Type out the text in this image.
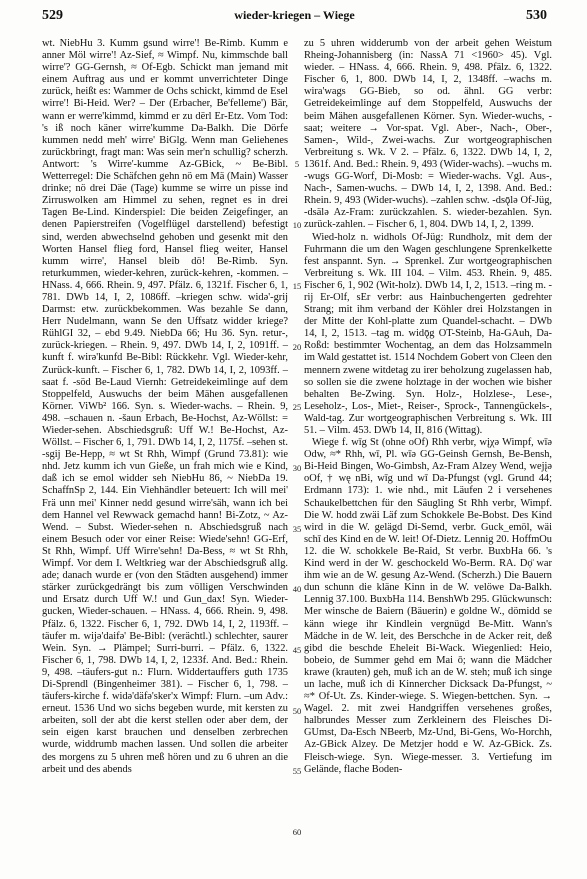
529	wieder-kriegen – Wiege	530

wt. NiebHu 3. Kumm gsund wirre'! Be-Rimb. Kumm e anner Möl wirre'! Az-Sief, ≈ Wimpf. Nu, kimmschde ball wirre'? GG-Gernsh, ≈ Of-Egb. Schickt man jemand mit einem Auftrag aus und er kommt unverrichteter Dinge zurück, heißt es: Wammer de Ochs schickt, kimmd de Esel wirre'! Bi-Heid. Wer? – Der (Erbacher, Be'felleme') Bär, wann er werre'kimmd, kimmd er zu dërl Er-Etz. Vom Tod: 's iß noch käner wirre'kumme Da-Balkh. Die Dörfe kummen nedd meh' wirre' BiGlg. Wenn man Geliehenes zurückbringt, fragt man: Was sein mer'n schullig? scherzh. Antwort: 's Wirre'-kumme Az-GBick, ~ Be-Bibl. Wetterregel: Die Schäfchen gehn nö em Mä (Main) Wasser drinke; nö drei Däe (Tage) kumme se wirre un pisse ind Zirruswolken am Himmel zu sehen, regnet es in drei Tagen Be-Lind. Kinderspiel: Die beiden Zeigefinger, an denen Papierstreifen (Vogelflügel darstellend) befestigt sind, werden abwechselnd gehoben und gesenkt mit den Worten Hansel flieg ford, Hansel flieg weiter, Hansel kumm wirre', Hansel bleib dö! Be-Rimb. Syn. returkummen, wieder-kehren, zurück-kehren, -kommen. – HNass. 4, 666. Rhein. 9, 497. Pfälz. 6, 1321f. Fischer 6, 1, 781. DWb 14, I, 2, 1086ff. –kriegen schw. widə'-grij Darmst: etw. zurückbekommen. Was bezahle Se dann, Herr Nudelmann, wann Se den Uffsatz widder kriege? RühlGI 32, – ebd 9.49. NiebDa 66; Hu 36. Syn. retur-, zurück-kriegen. – Rhein. 9, 497. DWb 14, I, 2, 1091ff. –kunft f. wirə'kunfd Be-Bibl: Rückkehr. Vgl. Wieder-kehr, Zurück-kunft. – Fischer 6, 1, 782. DWb 14, I, 2, 1093ff. –saat f. -söd Be-Laud Viernh: Getreidekeimlinge auf dem Stoppelfeld, Auswuchs der beim Mähen ausgefallenen Körner. ViWb² 166. Syn. s. Wieder-wachs. – Rhein. 9, 498. –schauen n. -šaun Erbach, Be-Hochst, Az-Wöllst: = Wieder-sehen. Abschiedsgruß: Uff W.! Be-Hochst, Az-Wöllst. – Fischer 6, 1, 791. DWb 14, I, 2, 1175f. –sehen st. -sgij Be-Hepp, ≈ wt St Rhh, Wimpf (Grund 73.81): wie nhd. Jetz kumm ich vun Gieße, un frah mich wie e Kind, daß ich se emol widder seh NiebHu 86, ~ NiebDa 19. SchaffnSp 2, 144. Ein Viehhändler beteuert: Ich will mei' Frä unn mei' Kinner nedd gesund wirre'säh, wann ich bei dem Hannel vel Rewwack gemachd hann! Bi-Zotz, ~ Az-Wend. – Subst. Wieder-sehen n. Abschiedsgruß nach einem Besuch oder vor einer Reise: Wiede'sehn! GG-Erf, St Rhh, Wimpf. Uff Wirre'sehn! Da-Bess, ≈ wt St Rhh, Wimpf. Vor dem I. Weltkrieg war der Abschiedsgruß allg. ade; danach wurde er (von den Städten ausgehend) immer stärker zurückgedrängt bis zum völligen Verschwinden und Ersatz durch Uff W.! und Gun_dax! Syn. Wieder-gucken, Wieder-schauen. – HNass. 4, 666. Rhein. 9, 498. Pfälz. 6, 1322. Fischer 6, 1, 792. DWb 14, I, 2, 1193ff. –täufer m. wijə'daifə' Be-Bibl: (verächtl.) schlechter, saurer Wein. Syn. → Plämpel; Surri-burri. – Pfälz. 6, 1322. Fischer 6, 1, 798. DWb 14, I, 2, 1233f. And. Bed.: Rhein. 9, 498. –täufers-gut n.: Flurn. Widdertauffers guth 1735 Di-Sprendl (Bingenheimer 381). – Fischer 6, 1, 798. –täufers-kirche f. widə'däfə'sker'x Wimpf: Flurn. –um Adv.: erneut. 1536 Und wo sichs begeben wurde, mit kersten zu arbeiten, soll der abt die kerst stellen oder aber dem, der sein eigen karst brauchen und denselben zerbrechen wurde, widdrumb machen lassen. Und sollen die arbeiter des morgens zu 5 uhren meß hören und zu 6 uhren an die arbeit und des abends

5
10
15
20
25
30
35
40
45
50
55
60

zu 5 uhren widderumb von der arbeit gehen Weistum Rheing-Johannisberg (in: NassA 71 <1960> 45). Vgl. wieder. – HNass. 4, 666. Rhein. 9, 498. Pfälz. 6, 1322. Fischer 6, 1, 800. DWb 14, I, 2, 1348ff. –wachs m. wira'wags GG-Bieb, so od. ähnl. GG verbr: Getreidekeimlinge auf dem Stoppelfeld, Auswuchs der beim Mähen ausgefallenen Körner. Syn. Wieder-wuchs, -saat; weitere → Vor-spat. Vgl. Aber-, Nach-, Ober-, Samen-, Wild-, Zwei-wachs. Zur wortgeographischen Verbreitung s. Wk. V 2. – Pfälz. 6, 1322. DWb 14, I, 2, 1361f. And. Bed.: Rhein. 9, 493 (Wider-wachs). –wuchs m. -wugs GG-Worf, Di-Mosb: = Wieder-wachs. Vgl. Aus-, Nach-, Samen-wuchs. – DWb 14, I, 2, 1398. And. Bed.: Rhein. 9, 493 (Wider-wuchs). –zahlen schw. -dsǭlə Of-Jüg, -dsälə Az-Fram: zurückzahlen. S. wieder-bezahlen. Syn. zurück-zahlen. – Fischer 6, 1, 804. DWb 14, I, 2, 1399.

Wied-holz n. widhols Of-Jüg: Rundholz, mit dem der Fuhrmann die um den Wagen geschlungene Sprenkelkette fest anspannt. Syn. → Sprenkel. Zur wortgeographischen Verbreitung s. Wk. III 104. – Vilm. 453. Rhein. 9, 485. Fischer 6, 1, 902 (Wit-holz). DWb 14, I, 2, 1513. –ring m. -rij Er-Olf, sEr verbr: aus Hainbuchengerten gedrehter Strang; mit ihm verband der Köhler drei Holzstangen in der Mitte der Kohl-platte zum Quandel-schacht. – DWb 14, I, 2, 1513. –tag m. widǭg OT-Steinb, Ha-GAuh, Da-Roßd: bestimmter Wochentag, an dem das Holzsammeln im Wald gestattet ist. 1514 Nochdem Gobert von Cleen den mennern zwene witdetag zu irer beholzung zugelassen hab, so sollen sie die zwene holztage in der wochen wie bisher behalten Be-Zwing. Syn. Holz-, Holzlese-, Lese-, Leseholz-, Los-, Miet-, Reiser-, Sprock-, Tannengückels-, Wald-tag. Zur wortgeographischen Verbreitung s. Wk. III 51. – Vilm. 453. DWb 14, II, 816 (Wittag).

Wiege f. wīg St (ohne oOf) Rhh verbr, wįχə Wimpf, wīə Odw, ≈* Rhh, wī, Pl. wīə GG-Geinsh Gernsh, Be-Bensh, Bi-Heid Bingen, Wo-Gimbsh, Az-Fram Alzey Wend, wejįə oOf, † wę nBi, wīg und wī Da-Pfungst (vgl. Grund 44; Erdmann 173): 1. wie nhd., mit Läufen 2 i versehenes Schaukelbettchen für den Säugling St Rhh verbr, Wimpf. Die W. hodd zwäi Läf zum Schokkele Be-Bobst. Des Kind wird in die W. gelägd Di-Semd, verbr. Guck_emöl, wäi schī des Kind en de W. leit! Of-Dietz. Lennig 20. HoffmOu 12. die W. schokkele Be-Raid, St verbr. BuxbHa 66. 's Kind werd in der W. geschockeld Wo-Berm. RA. Dọ̈ war ihm wie an de W. gesung Az-Wend. (Scherzh.) Die Bauern dun schunn die kläne Kinn in de W. velöwe Da-Balkh. Lennig 37.100. BuxbHa 114. BenshWb 295. Glückwunsch: Mer winsche de Baiern (Bäuerin) e goldne W., dömidd se känn wiege ihr Kindlein vergnügd Be-Mitt. Wann's Mädche in de W. leit, des Berschche in de Acker reit, deß gibd die beschde Eheleit Bi-Wack. Wiegenlied: Heio, bobeio, de Summer gehd em Mai ō; wann die Mädcher krawe (krauten) geh, muß ich an de W. steh; muß ich singe un lache, muß ich di Kinnercher Dicksack Da-Pfungst, ~ ≈* Of-Ut. Zs. Kinder-wiege. S. Wiegen-bettchen. Syn. → Wagel. 2. mit zwei Handgriffen versehenes großes, halbrundes Messer zum Zerkleinern des Fleisches Di-GUmst, Da-Esch NBeerb, Mz-Und, Bi-Gens, Wo-Horchh, Az-GBick Alzey. De Metzjer hodd e W. Az-GBick. Zs. Fleisch-wiege. Syn. Wiege-messer. 3. Vertiefung im Gelände, flache Boden-
